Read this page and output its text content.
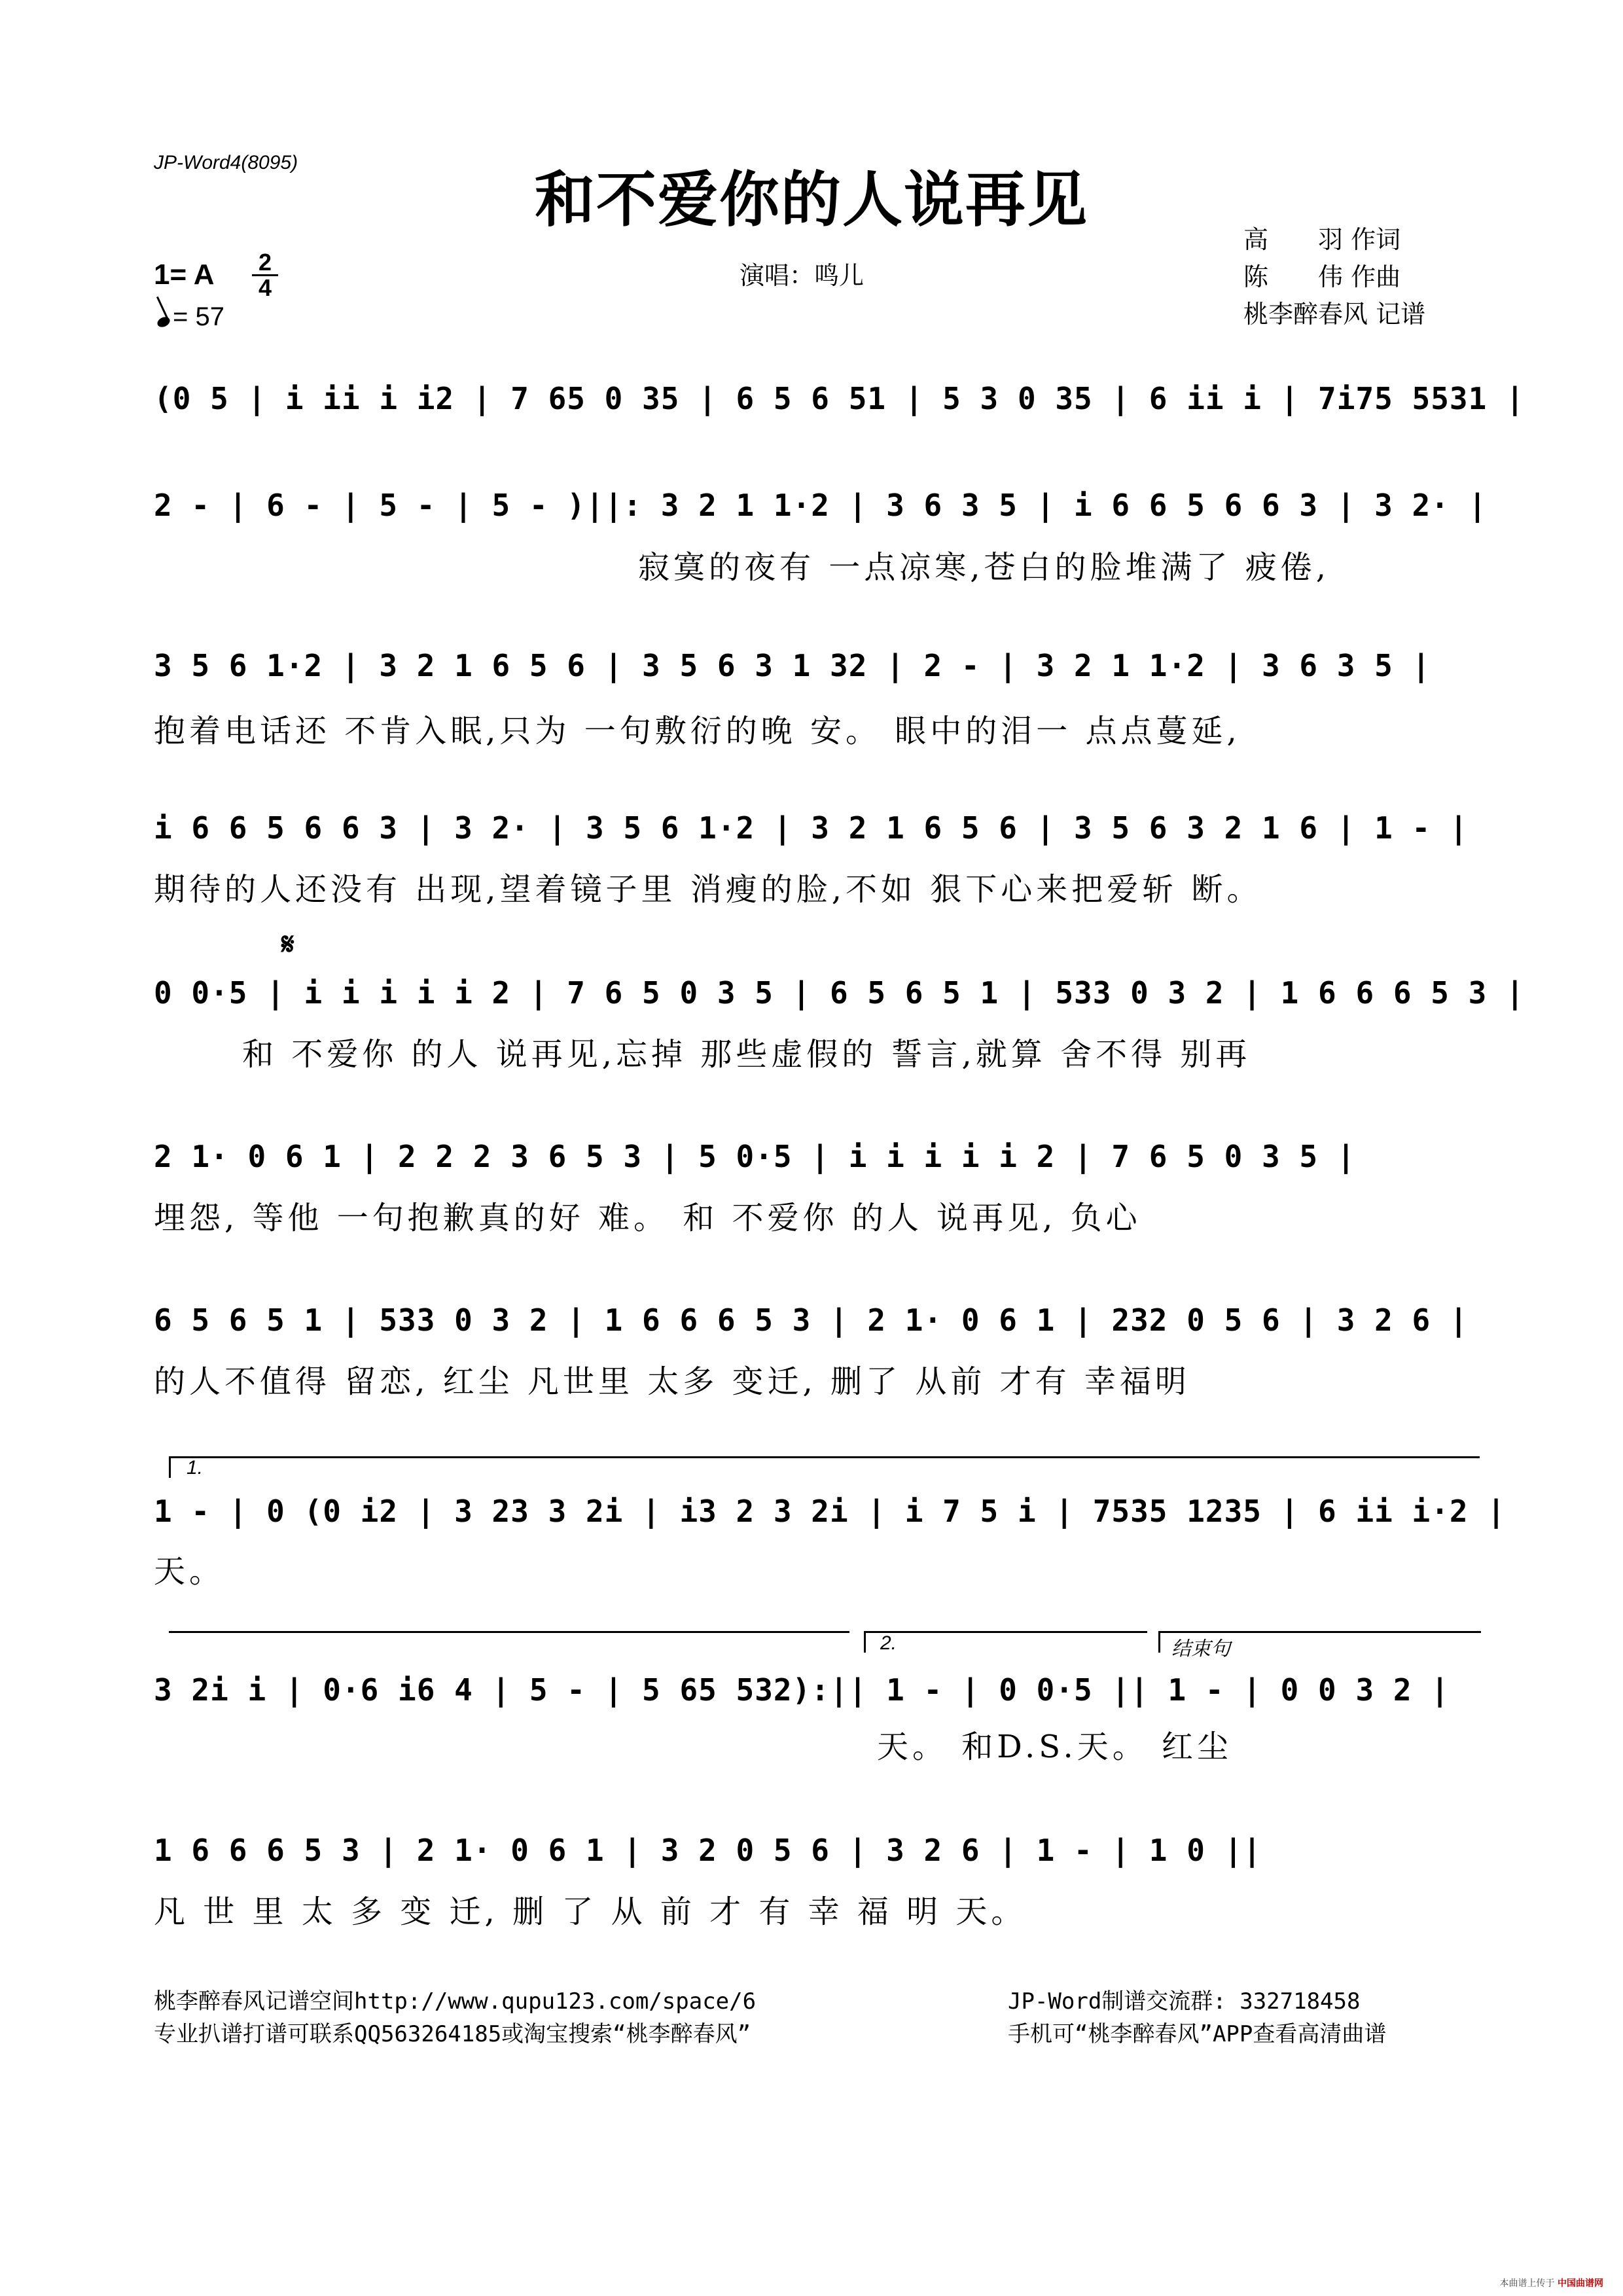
JP-Word4(8095)
和不爱你的人说再见
演唱：鸣儿
高　　羽 作词
陈　　伟 作曲
桃李醉春风 记谱
1= A $\frac{2}{4}$
= 57
(0 5 | i ii i i2 | 7 65 0 35 | 6 5 6 51 | 5 3 0 35 | 6 ii i | 7i75 5531 |
2 - | 6 - | 5 - | 5 - )||: 3 2 1 1·2 | 3 6 3 5 | i 6 6 5 6 6 3 | 3 2· |
寂寞的夜有 一点凉寒,苍白的脸堆满了 疲倦,
3 5 6 1·2 | 3 2 1 6 5 6 | 3 5 6 3 1 32 | 2 - | 3 2 1 1·2 | 3 6 3 5 |
抱着电话还 不肯入眠,只为 一句敷衍的晚 安。 眼中的泪一 点点蔓延,
i 6 6 5 6 6 3 | 3 2· | 3 5 6 1·2 | 3 2 1 6 5 6 | 3 5 6 3 2 1 6 | 1 - |
期待的人还没有 出现,望着镜子里 消瘦的脸,不如 狠下心来把爱斩 断。
𝄋
0 0·5 | i i i i i 2 | 7 6 5 0 3 5 | 6 5 6 5 1 | 533 0 3 2 | 1 6 6 6 5 3 |
和 不爱你 的人 说再见,忘掉 那些虚假的 誓言,就算 舍不得 别再
2 1· 0 6 1 | 2 2 2 3 6 5 3 | 5 0·5 | i i i i i 2 | 7 6 5 0 3 5 |
埋怨, 等他 一句抱歉真的好 难。 和 不爱你 的人 说再见, 负心
6 5 6 5 1 | 533 0 3 2 | 1 6 6 6 5 3 | 2 1· 0 6 1 | 232 0 5 6 | 3 2 6 |
的人不值得 留恋, 红尘 凡世里 太多 变迁, 删了 从前 才有 幸福明
1.
1 - | 0 (0 i2 | 3 23 3 2i | i3 2 3 2i | i 7 5 i | 7535 1235 | 6 ii i·2 |
天。
2.	结束句
3 2i i | 0·6 i6 4 | 5 - | 5 65 532):|| 1 - | 0 0·5 || 1 - | 0 0 3 2 |
天。 和D.S.天。 红尘
1 6 6 6 5 3 | 2 1· 0 6 1 | 3 2 0 5 6 | 3 2 6 | 1 - | 1 0 ||
凡 世 里 太 多 变 迁, 删 了 从 前 才 有 幸 福 明 天。
桃李醉春风记谱空间http://www.qupu123.com/space/6
专业扒谱打谱可联系QQ563264185或淘宝搜索“桃李醉春风”
JP-Word制谱交流群: 332718458
手机可“桃李醉春风”APP查看高清曲谱
本曲谱上传于 中国曲谱网
